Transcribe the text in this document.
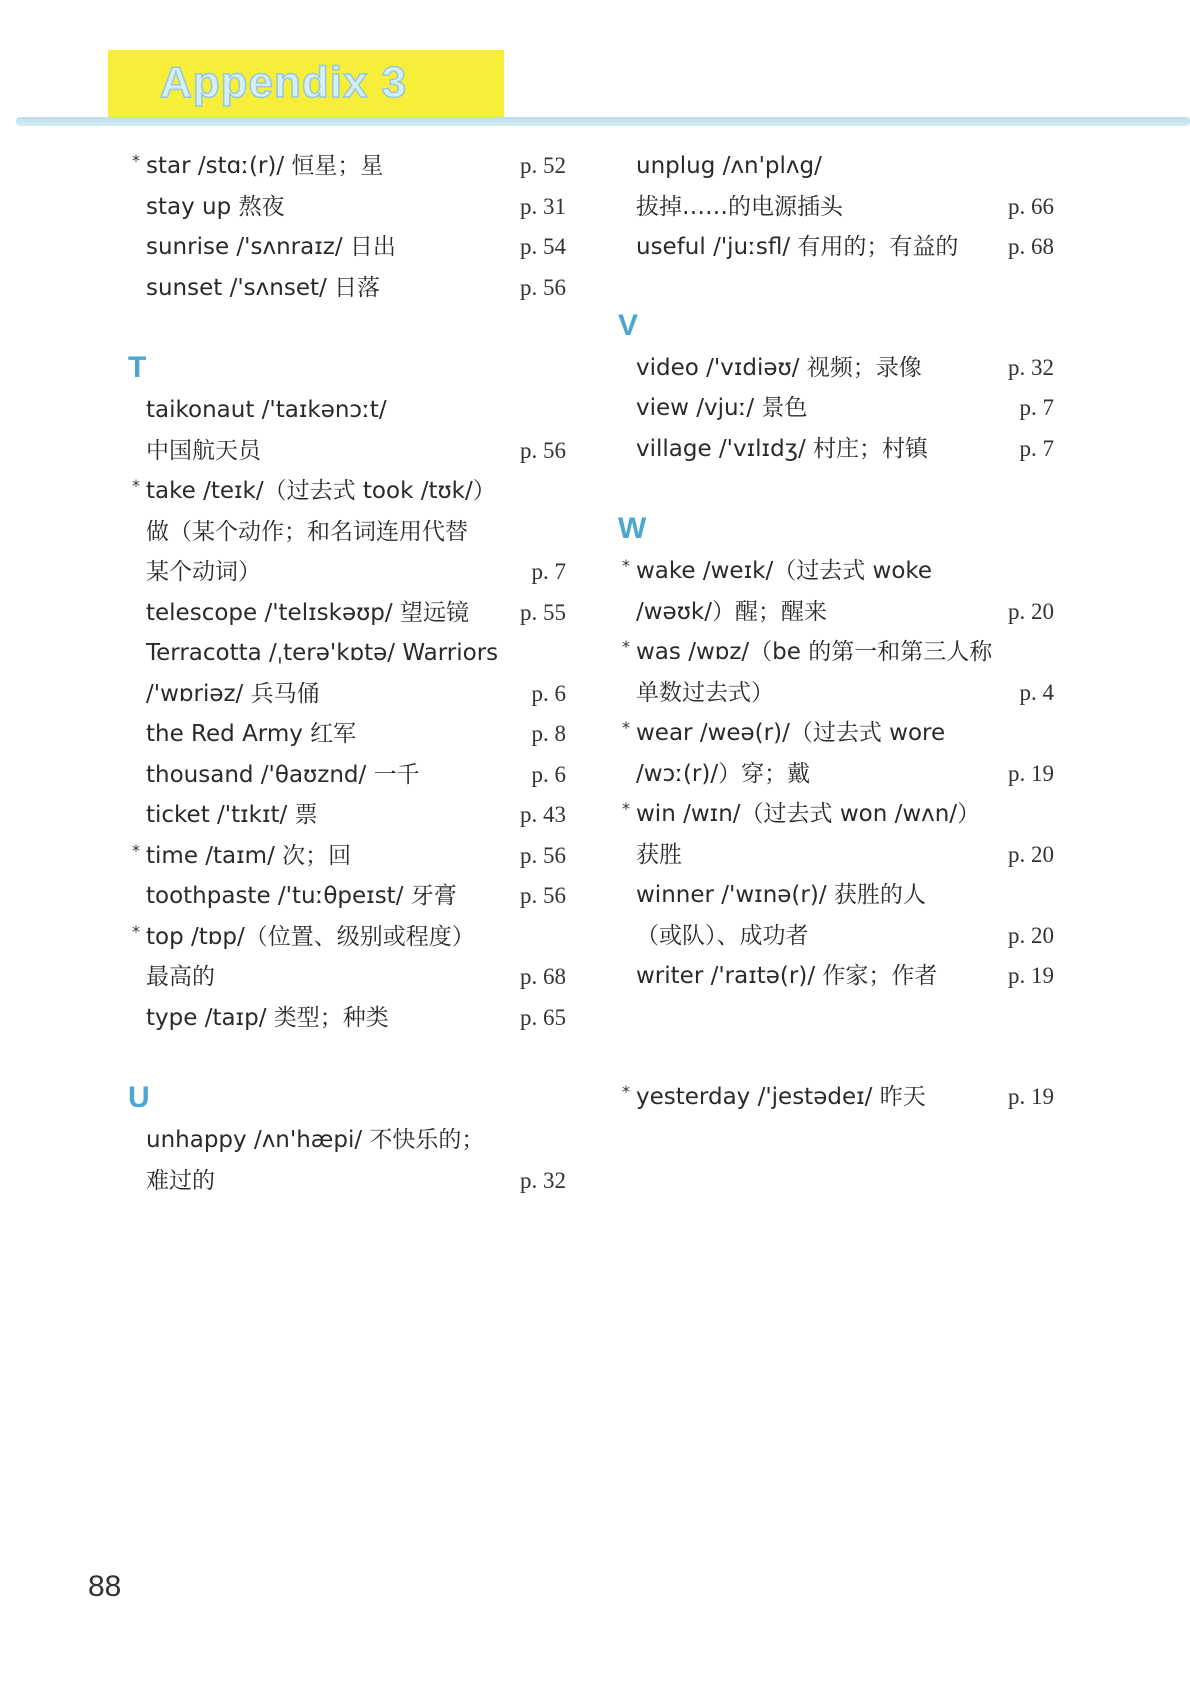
Appendix 3
* star /stɑː(r)/ 恒星；星	p. 52
stay up 熬夜	p. 31
sunrise /'sʌnraɪz/ 日出	p. 54
sunset /'sʌnset/ 日落	p. 56
T
taikonaut /'taɪkənɔːt/
中国航天员	p. 56
* take /teɪk/（过去式 took /tʊk/）
做（某个动作；和名词连用代替
某个动词）	p. 7
telescope /'telɪskəʊp/ 望远镜	p. 55
Terracotta /ˌterə'kɒtə/ Warriors
/'wɒriəz/ 兵马俑	p. 6
the Red Army 红军	p. 8
thousand /'θaʊznd/ 一千	p. 6
ticket /'tɪkɪt/ 票	p. 43
* time /taɪm/ 次；回	p. 56
toothpaste /'tuːθpeɪst/ 牙膏	p. 56
* top /tɒp/（位置、级别或程度）
最高的	p. 68
type /taɪp/ 类型；种类	p. 65
U
unhappy /ʌn'hæpi/ 不快乐的；
难过的	p. 32
unplug /ʌn'plʌg/
拔掉……的电源插头	p. 66
useful /'juːsfl/ 有用的；有益的	p. 68
V
video /'vɪdiəʊ/ 视频；录像	p. 32
view /vjuː/ 景色	p. 7
village /'vɪlɪdʒ/ 村庄；村镇	p. 7
W
* wake /weɪk/（过去式 woke
/wəʊk/）醒；醒来	p. 20
* was /wɒz/（be 的第一和第三人称
单数过去式）	p. 4
* wear /weə(r)/（过去式 wore
/wɔː(r)/）穿；戴	p. 19
* win /wɪn/（过去式 won /wʌn/）
获胜	p. 20
winner /'wɪnə(r)/ 获胜的人
（或队）、成功者	p. 20
writer /'raɪtə(r)/ 作家；作者	p. 19
* yesterday /'jestədeɪ/ 昨天	p. 19
88
